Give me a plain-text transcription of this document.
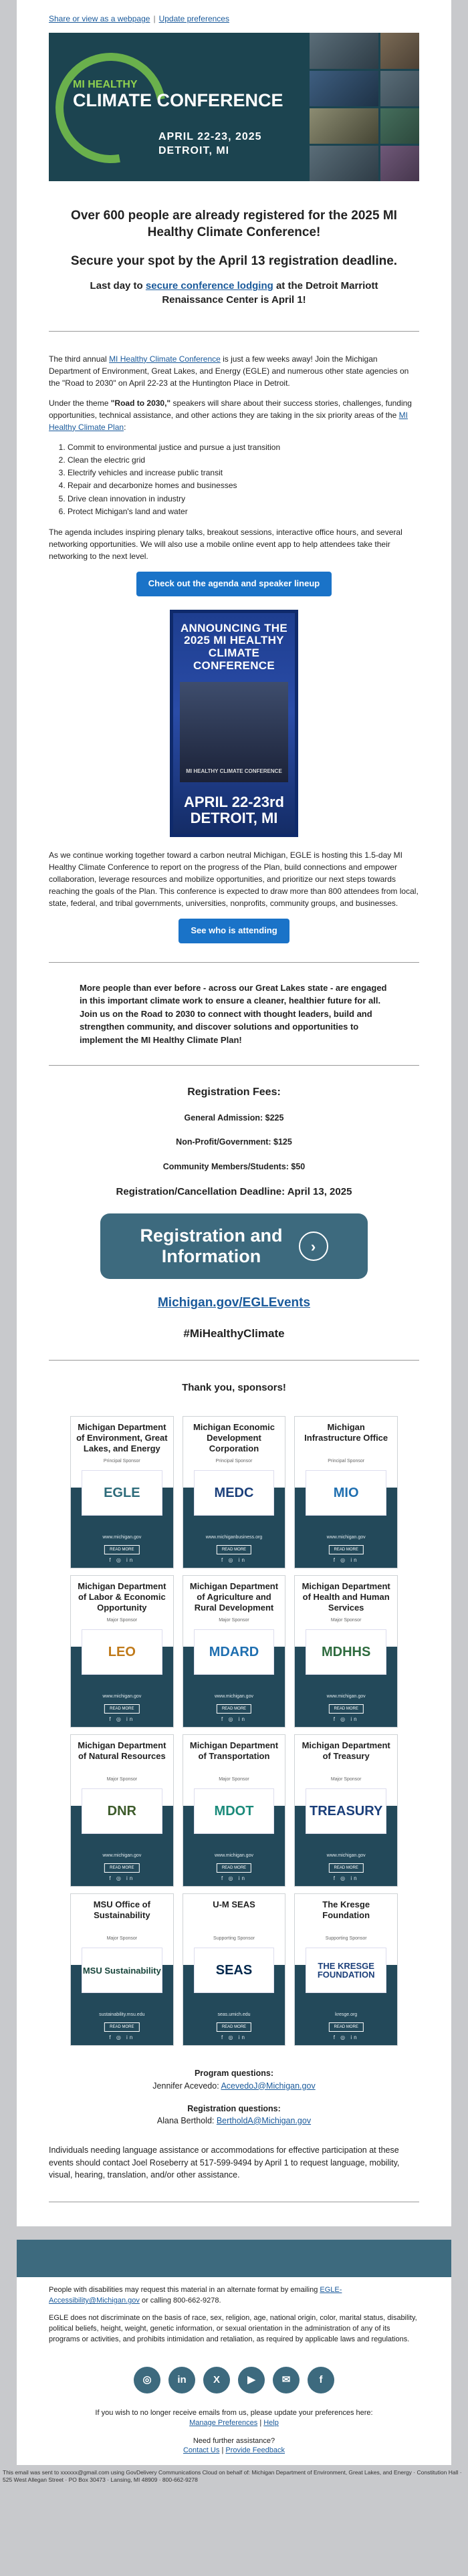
Share or view as a webpage | Update preferences
MI HEALTHY
CLIMATE CONFERENCE
APRIL 22-23, 2025
DETROIT, MI
Over 600 people are already registered for the 2025 MI Healthy Climate Conference!
Secure your spot by the April 13 registration deadline.
Last day to secure conference lodging at the Detroit Marriott Renaissance Center is April 1!

The third annual MI Healthy Climate Conference is just a few weeks away! Join the Michigan Department of Environment, Great Lakes, and Energy (EGLE) and numerous other state agencies on the "Road to 2030" on April 22-23 at the Huntington Place in Detroit.

Under the theme "Road to 2030," speakers will share about their success stories, challenges, funding opportunities, technical assistance, and other actions they are taking in the six priority areas of the MI Healthy Climate Plan:

1. Commit to environmental justice and pursue a just transition
2. Clean the electric grid
3. Electrify vehicles and increase public transit
4. Repair and decarbonize homes and businesses
5. Drive clean innovation in industry
6. Protect Michigan's land and water

The agenda includes inspiring plenary talks, breakout sessions, interactive office hours, and several networking opportunities. We will also use a mobile online event app to help attendees take their networking to the next level.

Check out the agenda and speaker lineup
ANNOUNCING THE 2025 MI HEALTHY CLIMATE CONFERENCE
MI HEALTHY CLIMATE CONFERENCE
APRIL 22-23rd
DETROIT, MI

As we continue working together toward a carbon neutral Michigan, EGLE is hosting this 1.5-day MI Healthy Climate Conference to report on the progress of the Plan, build connections and empower collaboration, leverage resources and mobilize opportunities, and prioritize our next steps towards reaching the goals of the Plan. This conference is expected to draw more than 800 attendees from local, state, federal, and tribal governments, universities, nonprofits, community groups, and businesses.

See who is attending

More people than ever before - across our Great Lakes state - are engaged in this important climate work to ensure a cleaner, healthier future for all. Join us on the Road to 2030 to connect with thought leaders, build and strengthen community, and discover solutions and opportunities to implement the MI Healthy Climate Plan!

Registration Fees:
General Admission: $225
Non-Profit/Government: $125
Community Members/Students: $50
Registration/Cancellation Deadline: April 13, 2025
Registration and
Information
›
Michigan.gov/EGLEvents
#MiHealthyClimate
Thank you, sponsors!
Michigan Department of Environment, Great Lakes, and Energy
Principal Sponsor
EGLE
www.michigan.gov
READ MORE
f ◎ in
Michigan Economic Development Corporation
Principal Sponsor
MEDC
www.michiganbusiness.org
READ MORE
f ◎ in
Michigan Infrastructure Office
Principal Sponsor
MIO
www.michigan.gov
READ MORE
f ◎ in
Michigan Department of Labor & Economic Opportunity
Major Sponsor
LEO
www.michigan.gov
READ MORE
f ◎ in
Michigan Department of Agriculture and Rural Development
Major Sponsor
MDARD
www.michigan.gov
READ MORE
f ◎ in
Michigan Department of Health and Human Services
Major Sponsor
MDHHS
www.michigan.gov
READ MORE
f ◎ in
Michigan Department of Natural Resources
Major Sponsor
DNR
www.michigan.gov
READ MORE
f ◎ in
Michigan Department of Transportation
Major Sponsor
MDOT
www.michigan.gov
READ MORE
f ◎ in
Michigan Department of Treasury
Major Sponsor
TREASURY
www.michigan.gov
READ MORE
f ◎ in
MSU Office of Sustainability
Major Sponsor
MSU Sustainability
sustainability.msu.edu
READ MORE
f ◎ in
U-M SEAS
Supporting Sponsor
SEAS
seas.umich.edu
READ MORE
f ◎ in
The Kresge Foundation
Supporting Sponsor
THE KRESGE FOUNDATION
kresge.org
READ MORE
f ◎ in
Program questions:
Jennifer Acevedo: AcevedoJ@Michigan.gov
Registration questions:
Alana Berthold: BertholdA@Michigan.gov

Individuals needing language assistance or accommodations for effective participation at these events should contact Joel Roseberry at 517-599-9494 by April 1 to request language, mobility, visual, hearing, translation, and/or other assistance.

People with disabilities may request this material in an alternate format by emailing EGLE-Accessibility@Michigan.gov or calling 800-662-9278.

EGLE does not discriminate on the basis of race, sex, religion, age, national origin, color, marital status, disability, political beliefs, height, weight, genetic information, or sexual orientation in the administration of any of its programs or activities, and prohibits intimidation and retaliation, as required by applicable laws and regulations.

◎	in	X	▶	✉	f
If you wish to no longer receive emails from us, please update your preferences here:
Manage Preferences | Help
Need further assistance?
Contact Us | Provide Feedback
This email was sent to xxxxxx@gmail.com using GovDelivery Communications Cloud on behalf of: Michigan Department of Environment, Great Lakes, and Energy · Constitution Hall · 525 West Allegan Street · PO Box 30473 · Lansing, MI 48909 · 800-662-9278
